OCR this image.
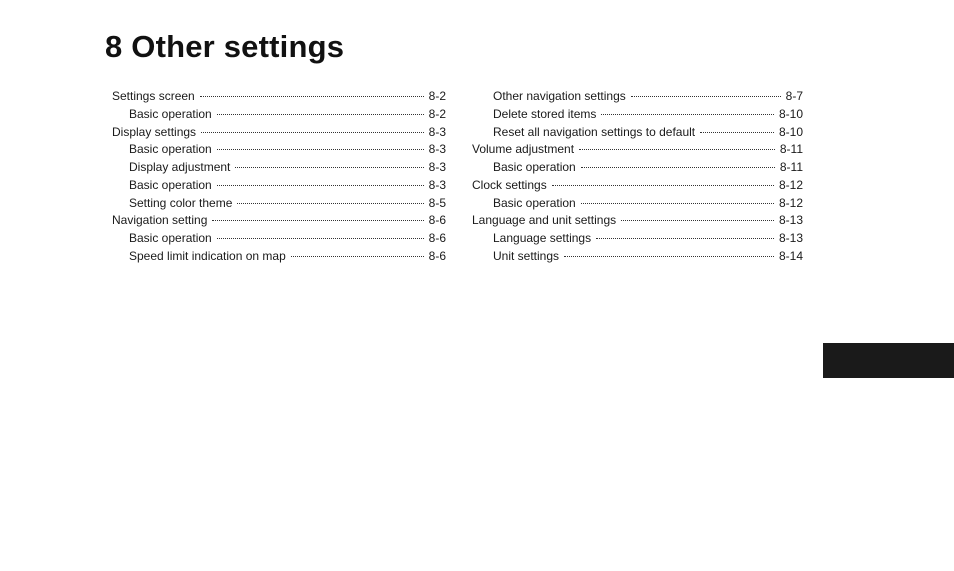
8 Other settings
Settings screen	8-2
Basic operation	8-2
Display settings	8-3
Basic operation	8-3
Display adjustment	8-3
Basic operation	8-3
Setting color theme	8-5
Navigation setting	8-6
Basic operation	8-6
Speed limit indication on map	8-6
Other navigation settings	8-7
Delete stored items	8-10
Reset all navigation settings to default	8-10
Volume adjustment	8-11
Basic operation	8-11
Clock settings	8-12
Basic operation	8-12
Language and unit settings	8-13
Language settings	8-13
Unit settings	8-14
